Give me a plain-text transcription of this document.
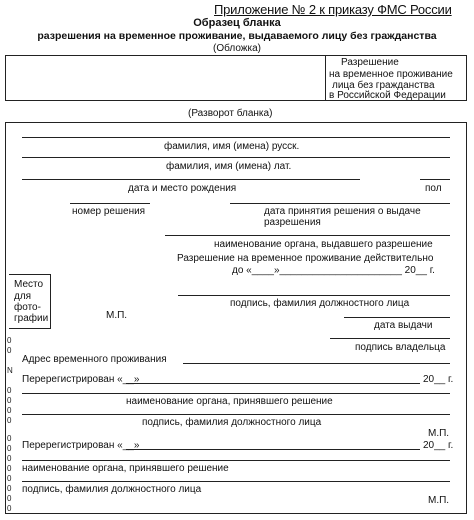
Приложение № 2 к приказу ФМС России
Образец бланка
разрешения на временное проживание, выдаваемого лицу без гражданства
(Обложка)
Разрешение
на временное проживание
лица без гражданства
в Российской Федерации
(Разворот бланка)
0
0
N
0
0
0
0
0
0
0
0
0
0
0
0
фамилия, имя (имена) русск.
фамилия, имя (имена) лат.
дата и место рождения	пол
номер решения	дата принятия решения о выдаче
разрешения
наименование органа, выдавшего разрешение
Разрешение на временное проживание действительно
до «____»______________________ 20__ г.
Место
для
фото-
графии	М.П.
подпись, фамилия должностного лица
дата выдачи
подпись владельца
Адрес временного проживания
Перерегистрирован «__»	20__ г.
наименование органа, принявшего решение
подпись, фамилия должностного лица
М.П.
Перерегистрирован «__»	20__ г.
наименование органа, принявшего решение
подпись, фамилия должностного лица
М.П.
